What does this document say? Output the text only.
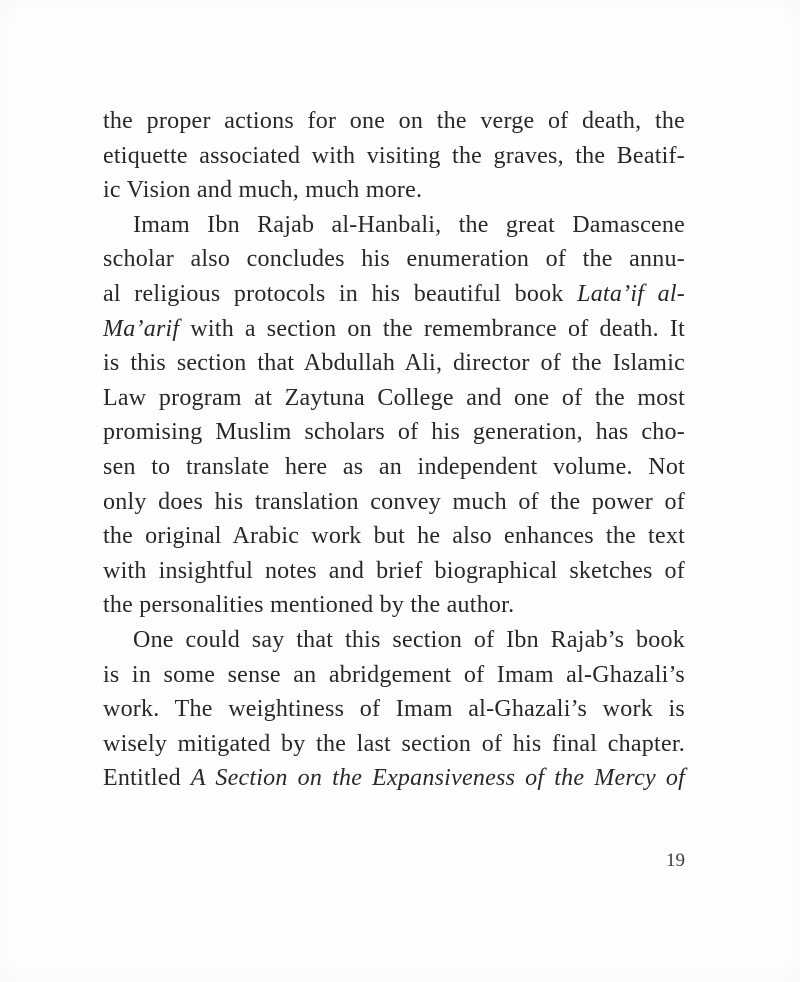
the proper actions for one on the verge of death, the
etiquette associated with visiting the graves, the Beatif-
ic Vision and much, much more.
Imam Ibn Rajab al-Hanbali, the great Damascene
scholar also concludes his enumeration of the annu-
al religious protocols in his beautiful book Lata’if al-
Ma’arif with a section on the remembrance of death. It
is this section that Abdullah Ali, director of the Islamic
Law program at Zaytuna College and one of the most
promising Muslim scholars of his generation, has cho-
sen to translate here as an independent volume. Not
only does his translation convey much of the power of
the original Arabic work but he also enhances the text
with insightful notes and brief biographical sketches of
the personalities mentioned by the author.
One could say that this section of Ibn Rajab’s book
is in some sense an abridgement of Imam al-Ghazali’s
work. The weightiness of Imam al-Ghazali’s work is
wisely mitigated by the last section of his final chapter.
Entitled A Section on the Expansiveness of the Mercy of
19
